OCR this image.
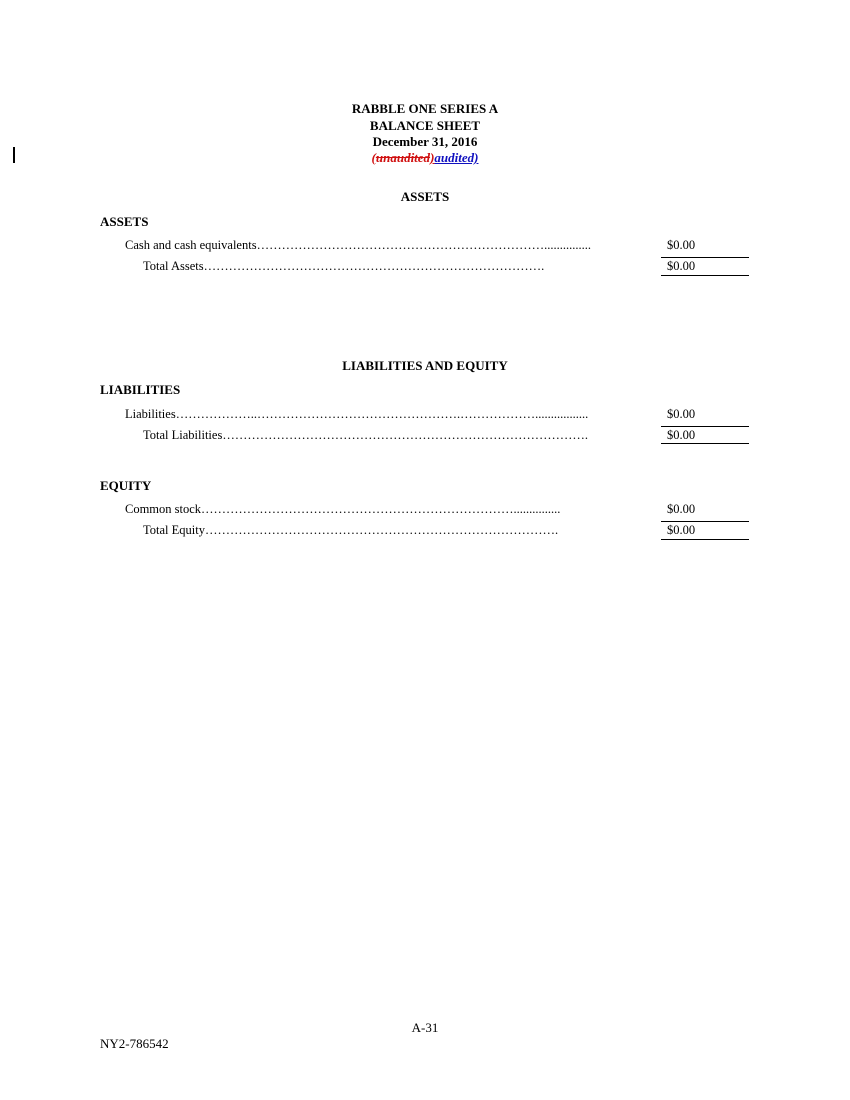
RABBLE ONE SERIES A
BALANCE SHEET
December 31, 2016
(unaudited)audited)
ASSETS
ASSETS
Cash and cash equivalents……………………………………………………………...............	$0.00
Total Assets……………………………………………………………………….	$0.00
LIABILITIES AND EQUITY
LIABILITIES
Liabilities………………..………………………………………….……………….................	$0.00
Total Liabilities…………………………………………………………………………….	$0.00
EQUITY
Common stock…………………………………………………………………...............	$0.00
Total Equity………………………………………………………………………….	$0.00
A-31
NY2-786542
